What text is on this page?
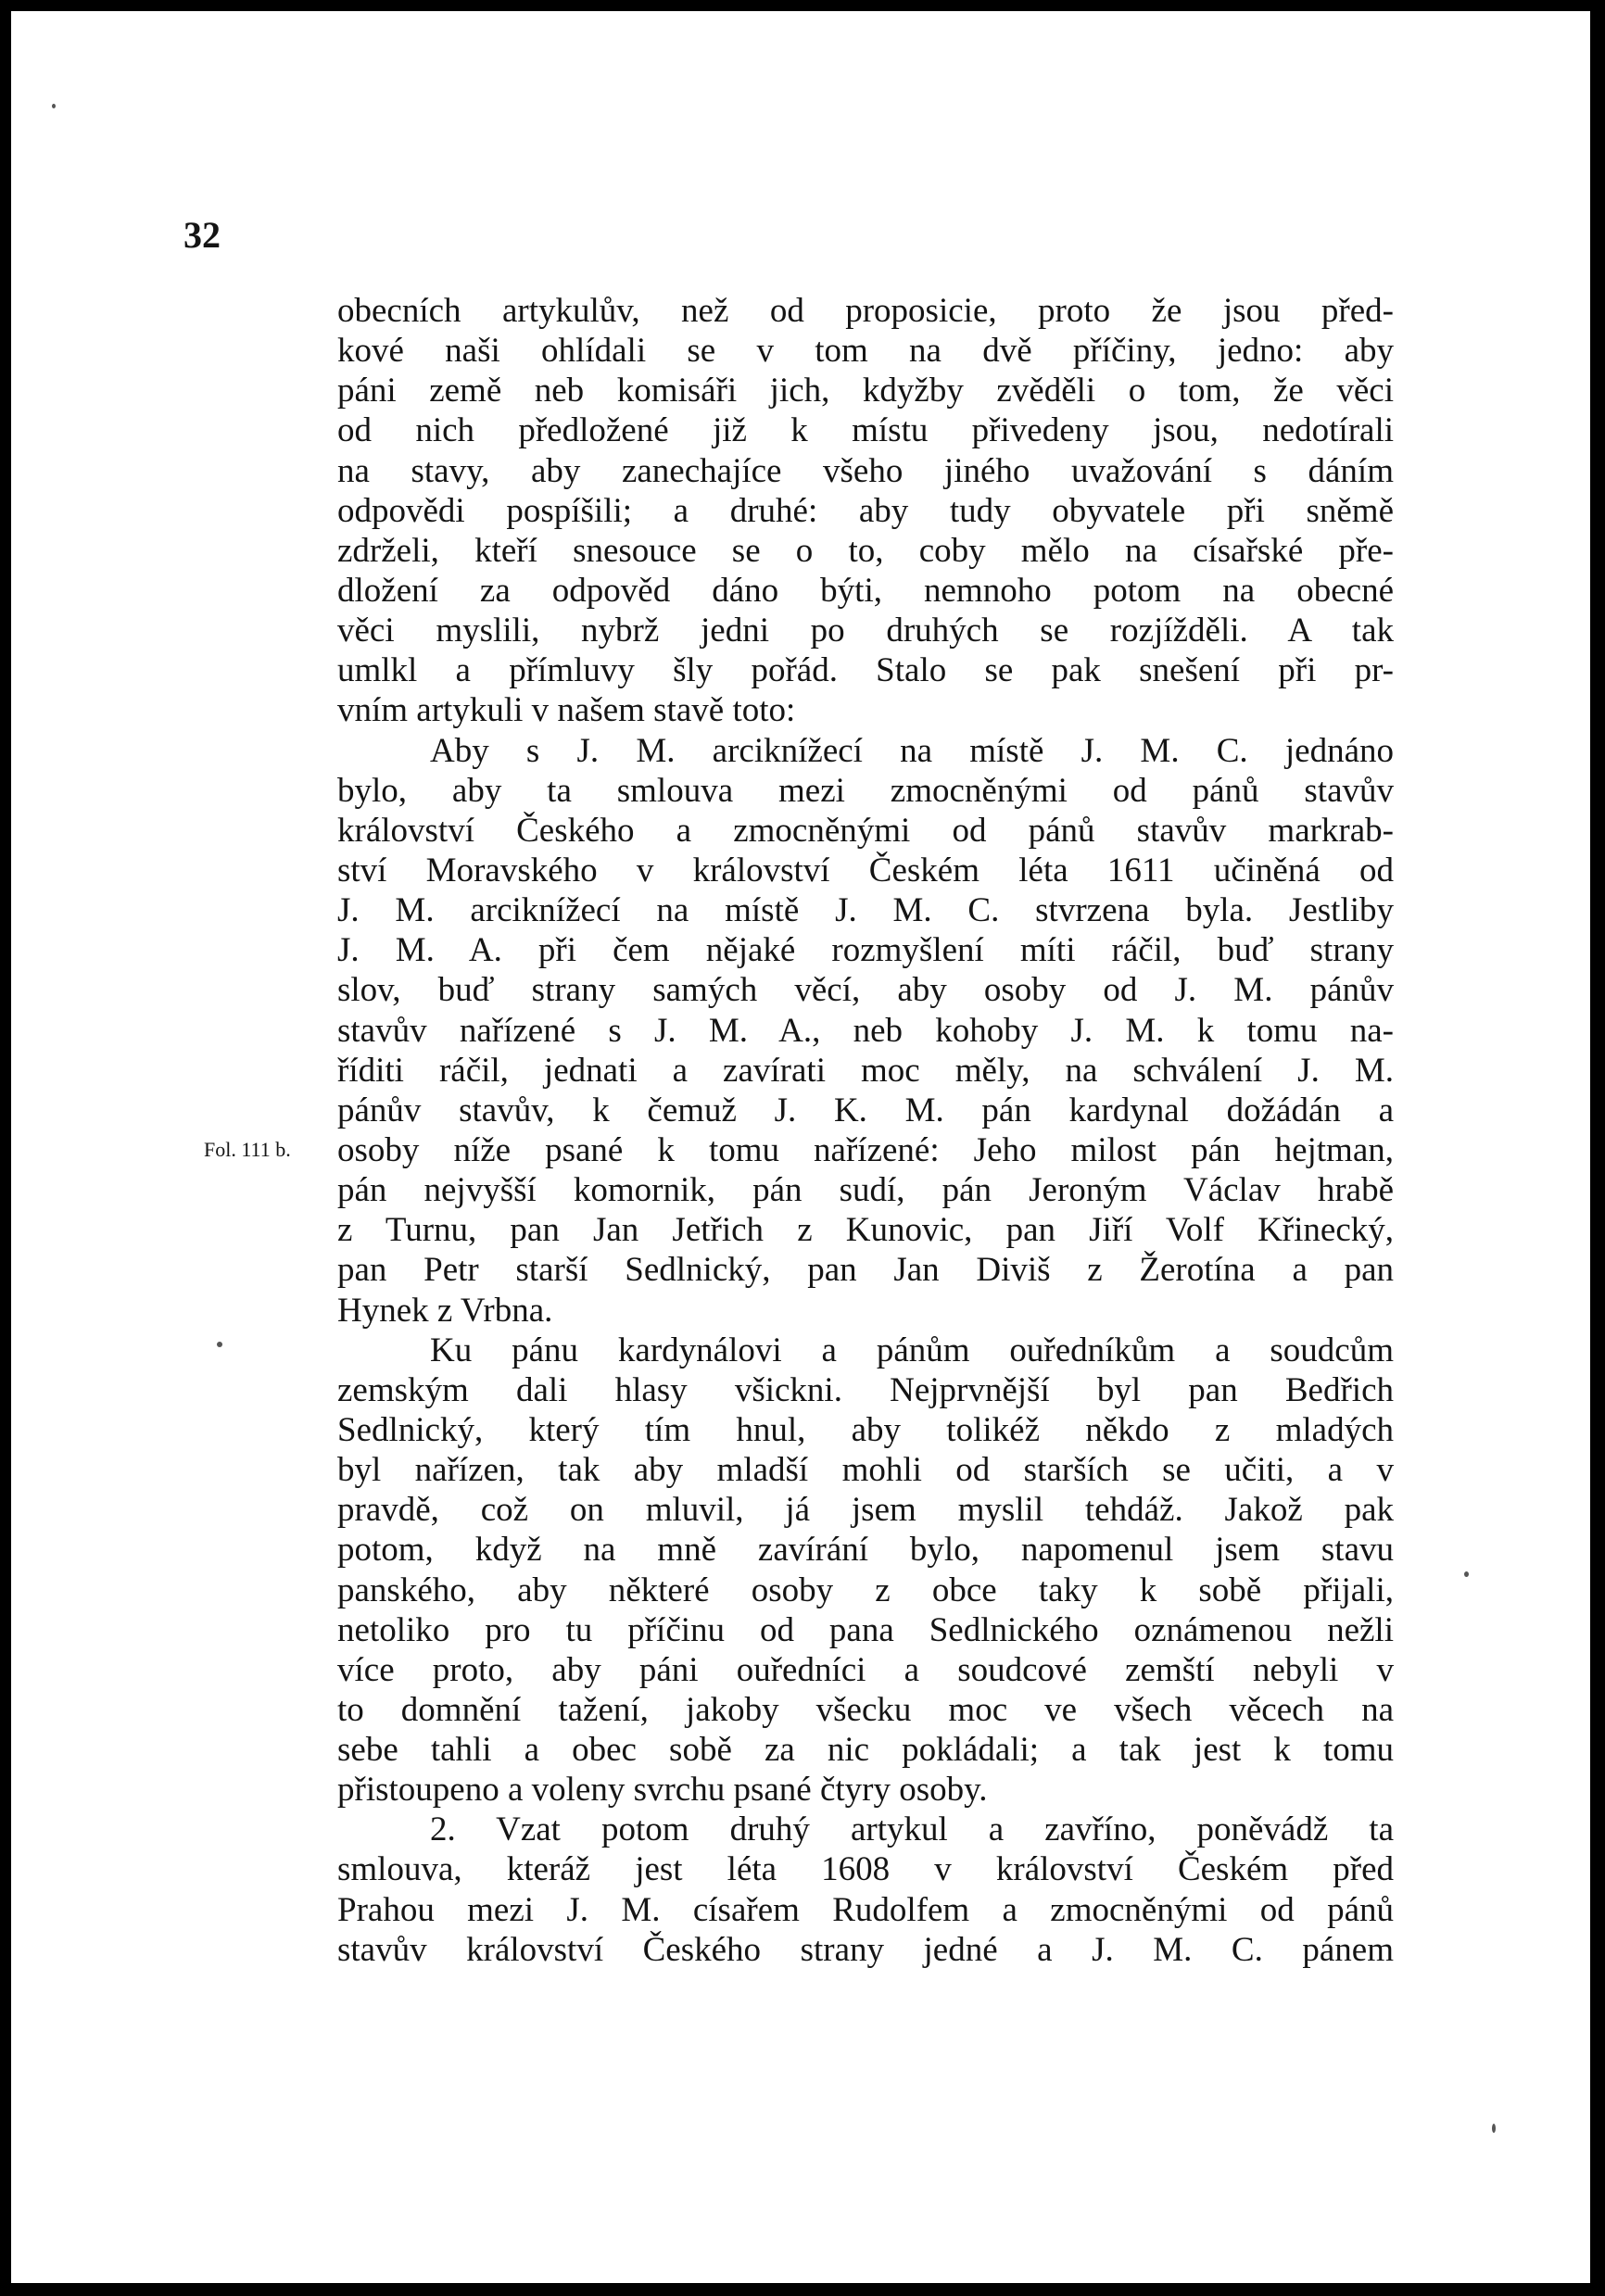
32
Fol. 111 b.
obecních artykulův, než od proposicie, proto že jsou před-
kové naši ohlídali se v tom na dvě příčiny, jedno: aby
páni země neb komisáři jich, kdyžby zvěděli o tom, že věci
od nich předložené již k místu přivedeny jsou, nedotírali
na stavy, aby zanechajíce všeho jiného uvažování s dáním
odpovědi pospíšili; a druhé: aby tudy obyvatele při sněmě
zdrželi, kteří snesouce se o to, coby mělo na císařské pře-
dložení za odpověd dáno býti, nemnoho potom na obecné
věci myslili, nybrž jedni po druhých se rozjížděli. A tak
umlkl a přímluvy šly pořád. Stalo se pak snešení při pr-
vním artykuli v našem stavě toto:
Aby s J. M. arciknížecí na místě J. M. C. jednáno
bylo, aby ta smlouva mezi zmocněnými od pánů stavův
království Českého a zmocněnými od pánů stavův markrab-
ství Moravského v království Českém léta 1611 učiněná od
J. M. arciknížecí na místě J. M. C. stvrzena byla. Jestliby
J. M. A. při čem nějaké rozmyšlení míti ráčil, buď strany
slov, buď strany samých věcí, aby osoby od J. M. pánův
stavův nařízené s J. M. A., neb kohoby J. M. k tomu na-
říditi ráčil, jednati a zavírati moc měly, na schválení J. M.
pánův stavův, k čemuž J. K. M. pán kardynal dožádán a
osoby níže psané k tomu nařízené: Jeho milost pán hejtman,
pán nejvyšší komornik, pán sudí, pán Jeroným Václav hrabě
z Turnu, pan Jan Jetřich z Kunovic, pan Jiří Volf Křinecký,
pan Petr starší Sedlnický, pan Jan Diviš z Žerotína a pan
Hynek z Vrbna.
Ku pánu kardynálovi a pánům ouředníkům a soudcům
zemským dali hlasy všickni. Nejprvnější byl pan Bedřich
Sedlnický, který tím hnul, aby tolikéž někdo z mladých
byl nařízen, tak aby mladší mohli od starších se učiti, a v
pravdě, což on mluvil, já jsem myslil tehdáž. Jakož pak
potom, když na mně zavírání bylo, napomenul jsem stavu
panského, aby některé osoby z obce taky k sobě přijali,
netoliko pro tu příčinu od pana Sedlnického oznámenou nežli
více proto, aby páni ouředníci a soudcové zemští nebyli v
to domnění tažení, jakoby všecku moc ve všech věcech na
sebe tahli a obec sobě za nic pokládali; a tak jest k tomu
přistoupeno a voleny svrchu psané čtyry osoby.
2. Vzat potom druhý artykul a zavříno, poněvádž ta
smlouva, kteráž jest léta 1608 v království Českém před
Prahou mezi J. M. císařem Rudolfem a zmocněnými od pánů
stavův království Českého strany jedné a J. M. C. pánem
